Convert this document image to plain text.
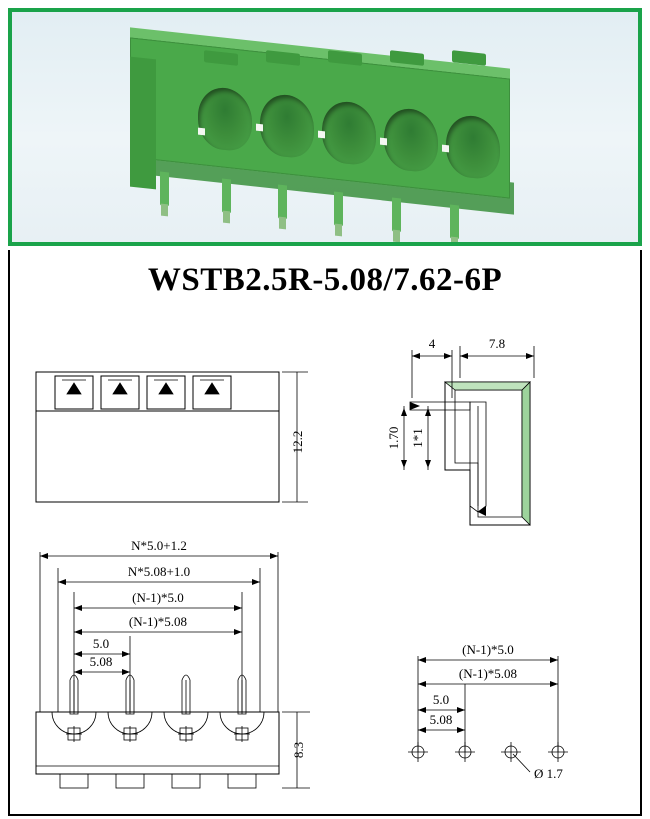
WSTB2.5R-5.08/7.62-6P
12.2
4	7.8
1.70 1*1
N*5.0+1.2
N*5.08+1.0
(N-1)*5.0
(N-1)*5.08
5.0
5.08
8.3
(N-1)*5.0
(N-1)*5.08
5.0
5.08
Ø 1.7
